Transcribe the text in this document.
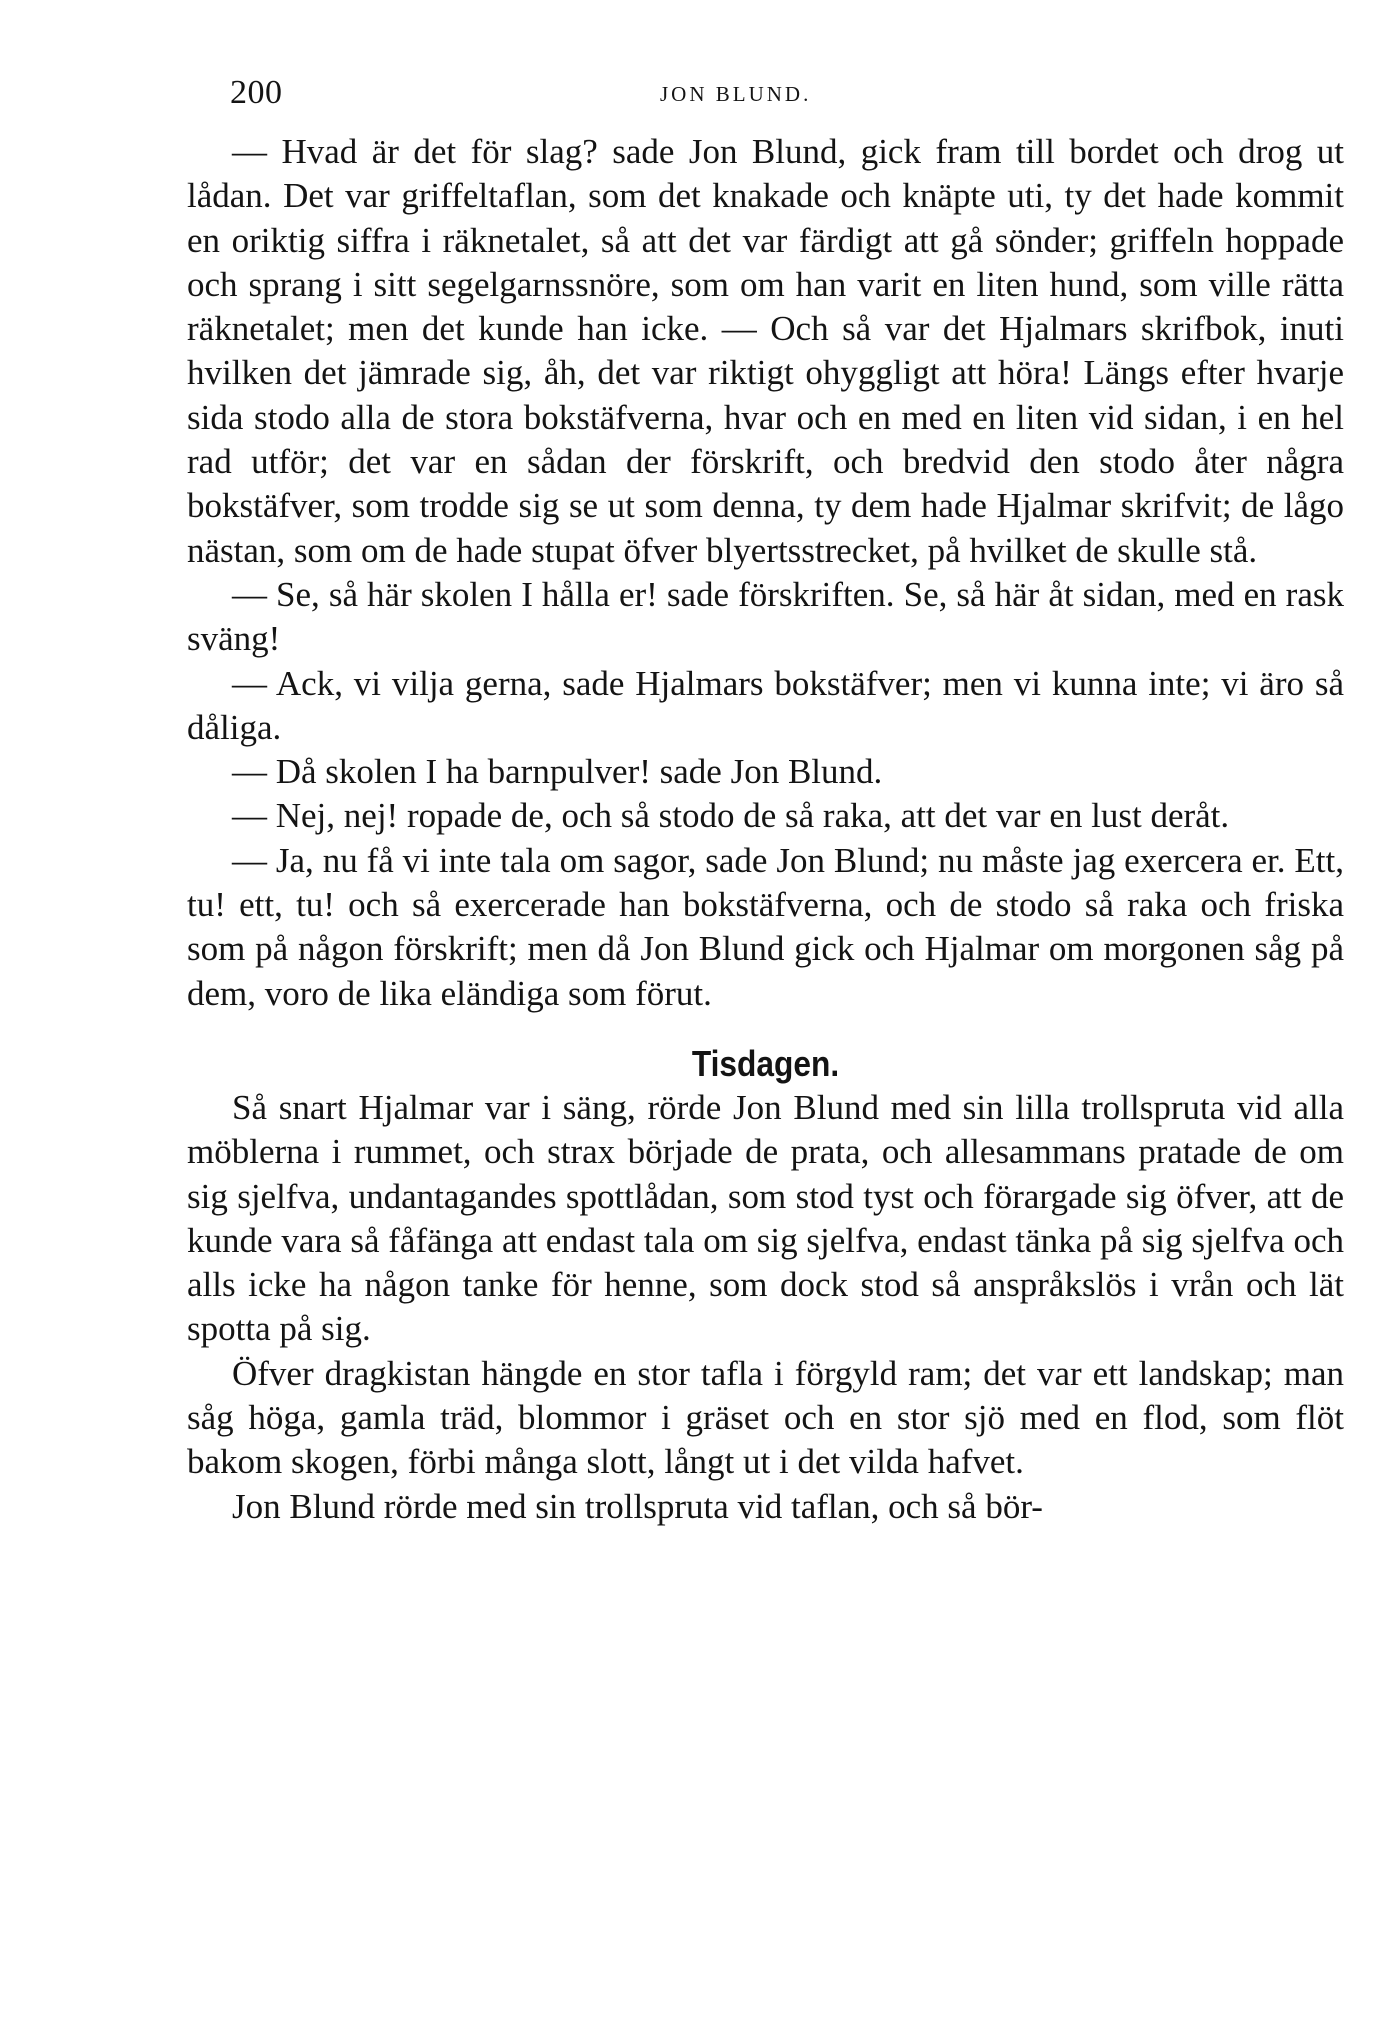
200	JON BLUND.

— Hvad är det för slag? sade Jon Blund, gick fram till bordet och drog ut lådan. Det var griffeltaflan, som det knakade och knäpte uti, ty det hade kommit en oriktig siffra i räknetalet, så att det var färdigt att gå sönder; griffeln hoppade och sprang i sitt segelgarnssnöre, som om han varit en liten hund, som ville rätta räknetalet; men det kunde han icke. — Och så var det Hjalmars skrifbok, inuti hvilken det jämrade sig, åh, det var riktigt ohyggligt att höra! Längs efter hvarje sida stodo alla de stora bokstäfverna, hvar och en med en liten vid sidan, i en hel rad utför; det var en sådan der förskrift, och bredvid den stodo åter några bokstäfver, som trodde sig se ut som denna, ty dem hade Hjalmar skrifvit; de lågo nästan, som om de hade stupat öfver blyertsstrecket, på hvilket de skulle stå.

— Se, så här skolen I hålla er! sade förskriften. Se, så här åt sidan, med en rask sväng!

— Ack, vi vilja gerna, sade Hjalmars bokstäfver; men vi kunna inte; vi äro så dåliga.

— Då skolen I ha barnpulver! sade Jon Blund.

— Nej, nej! ropade de, och så stodo de så raka, att det var en lust deråt.

— Ja, nu få vi inte tala om sagor, sade Jon Blund; nu måste jag exercera er. Ett, tu! ett, tu! och så exercerade han bokstäfverna, och de stodo så raka och friska som på någon förskrift; men då Jon Blund gick och Hjalmar om morgonen såg på dem, voro de lika eländiga som förut.

Tisdagen.

Så snart Hjalmar var i säng, rörde Jon Blund med sin lilla trollspruta vid alla möblerna i rummet, och strax började de prata, och allesammans pratade de om sig sjelfva, undantagandes spottlådan, som stod tyst och förargade sig öfver, att de kunde vara så fåfänga att endast tala om sig sjelfva, endast tänka på sig sjelfva och alls icke ha någon tanke för henne, som dock stod så anspråkslös i vrån och lät spotta på sig.

Öfver dragkistan hängde en stor tafla i förgyld ram; det var ett landskap; man såg höga, gamla träd, blommor i gräset och en stor sjö med en flod, som flöt bakom skogen, förbi många slott, långt ut i det vilda hafvet.

Jon Blund rörde med sin trollspruta vid taflan, och så bör-
